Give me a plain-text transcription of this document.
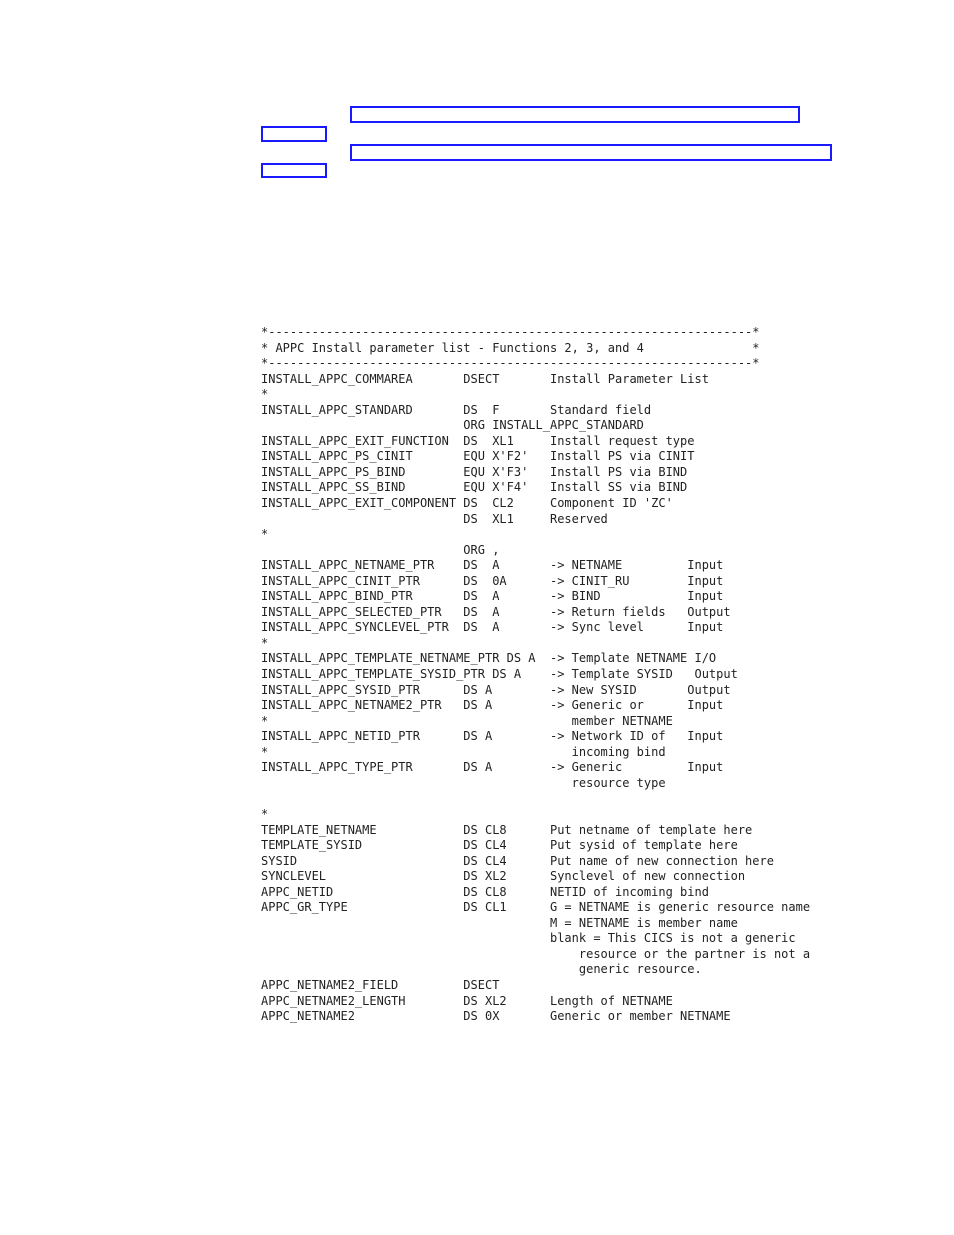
*-------------------------------------------------------------------*
* APPC Install parameter list - Functions 2, 3, and 4               *
*-------------------------------------------------------------------*
INSTALL_APPC_COMMAREA       DSECT       Install Parameter List
*
INSTALL_APPC_STANDARD       DS  F       Standard field
ORG INSTALL_APPC_STANDARD
INSTALL_APPC_EXIT_FUNCTION  DS  XL1     Install request type
INSTALL_APPC_PS_CINIT       EQU X'F2'   Install PS via CINIT
INSTALL_APPC_PS_BIND        EQU X'F3'   Install PS via BIND
INSTALL_APPC_SS_BIND        EQU X'F4'   Install SS via BIND
INSTALL_APPC_EXIT_COMPONENT DS  CL2     Component ID 'ZC'
DS  XL1     Reserved
*
ORG ,
INSTALL_APPC_NETNAME_PTR    DS  A       -> NETNAME         Input
INSTALL_APPC_CINIT_PTR      DS  0A      -> CINIT_RU        Input
INSTALL_APPC_BIND_PTR       DS  A       -> BIND            Input
INSTALL_APPC_SELECTED_PTR   DS  A       -> Return fields   Output
INSTALL_APPC_SYNCLEVEL_PTR  DS  A       -> Sync level      Input
*
INSTALL_APPC_TEMPLATE_NETNAME_PTR DS A  -> Template NETNAME I/O
INSTALL_APPC_TEMPLATE_SYSID_PTR DS A    -> Template SYSID   Output
INSTALL_APPC_SYSID_PTR      DS A        -> New SYSID       Output
INSTALL_APPC_NETNAME2_PTR   DS A        -> Generic or      Input
*                                          member NETNAME
INSTALL_APPC_NETID_PTR      DS A        -> Network ID of   Input
*                                          incoming bind
INSTALL_APPC_TYPE_PTR       DS A        -> Generic         Input
resource type
*
TEMPLATE_NETNAME            DS CL8      Put netname of template here
TEMPLATE_SYSID              DS CL4      Put sysid of template here
SYSID                       DS CL4      Put name of new connection here
SYNCLEVEL                   DS XL2      Synclevel of new connection
APPC_NETID                  DS CL8      NETID of incoming bind
APPC_GR_TYPE                DS CL1      G = NETNAME is generic resource name
M = NETNAME is member name
blank = This CICS is not a generic
resource or the partner is not a
generic resource.
APPC_NETNAME2_FIELD         DSECT
APPC_NETNAME2_LENGTH        DS XL2      Length of NETNAME
APPC_NETNAME2               DS 0X       Generic or member NETNAME
